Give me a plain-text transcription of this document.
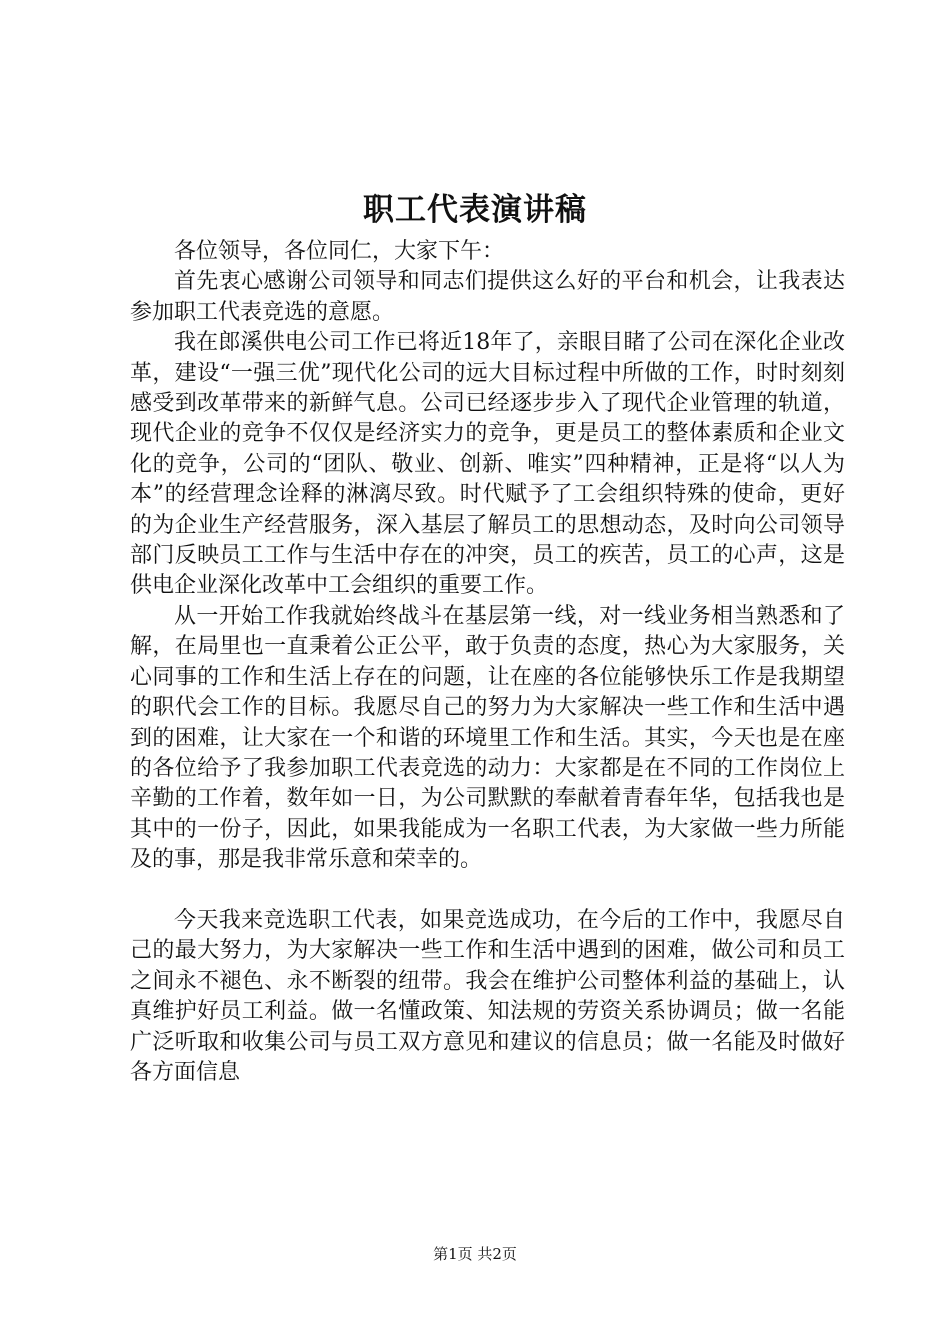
职工代表演讲稿

各位领导，各位同仁，大家下午：

首先衷心感谢公司领导和同志们提供这么好的平台和机会，让我表达参加职工代表竞选的意愿。

我在郎溪供电公司工作已将近18年了，亲眼目睹了公司在深化企业改革，建设“一强三优”现代化公司的远大目标过程中所做的工作，时时刻刻感受到改革带来的新鲜气息。公司已经逐步步入了现代企业管理的轨道，现代企业的竞争不仅仅是经济实力的竞争，更是员工的整体素质和企业文化的竞争，公司的“团队、敬业、创新、唯实”四种精神，正是将“以人为本”的经营理念诠释的淋漓尽致。时代赋予了工会组织特殊的使命，更好的为企业生产经营服务，深入基层了解员工的思想动态，及时向公司领导部门反映员工工作与生活中存在的冲突，员工的疾苦，员工的心声，这是供电企业深化改革中工会组织的重要工作。

从一开始工作我就始终战斗在基层第一线，对一线业务相当熟悉和了解，在局里也一直秉着公正公平，敢于负责的态度，热心为大家服务，关心同事的工作和生活上存在的问题，让在座的各位能够快乐工作是我期望的职代会工作的目标。我愿尽自己的努力为大家解决一些工作和生活中遇到的困难，让大家在一个和谐的环境里工作和生活。其实，今天也是在座的各位给予了我参加职工代表竞选的动力：大家都是在不同的工作岗位上辛勤的工作着，数年如一日，为公司默默的奉献着青春年华，包括我也是其中的一份子，因此，如果我能成为一名职工代表，为大家做一些力所能及的事，那是我非常乐意和荣幸的。

今天我来竞选职工代表，如果竞选成功，在今后的工作中，我愿尽自己的最大努力，为大家解决一些工作和生活中遇到的困难，做公司和员工之间永不褪色、永不断裂的纽带。我会在维护公司整体利益的基础上，认真维护好员工利益。做一名懂政策、知法规的劳资关系协调员；做一名能广泛听取和收集公司与员工双方意见和建议的信息员；做一名能及时做好各方面信息

第1页 共2页
